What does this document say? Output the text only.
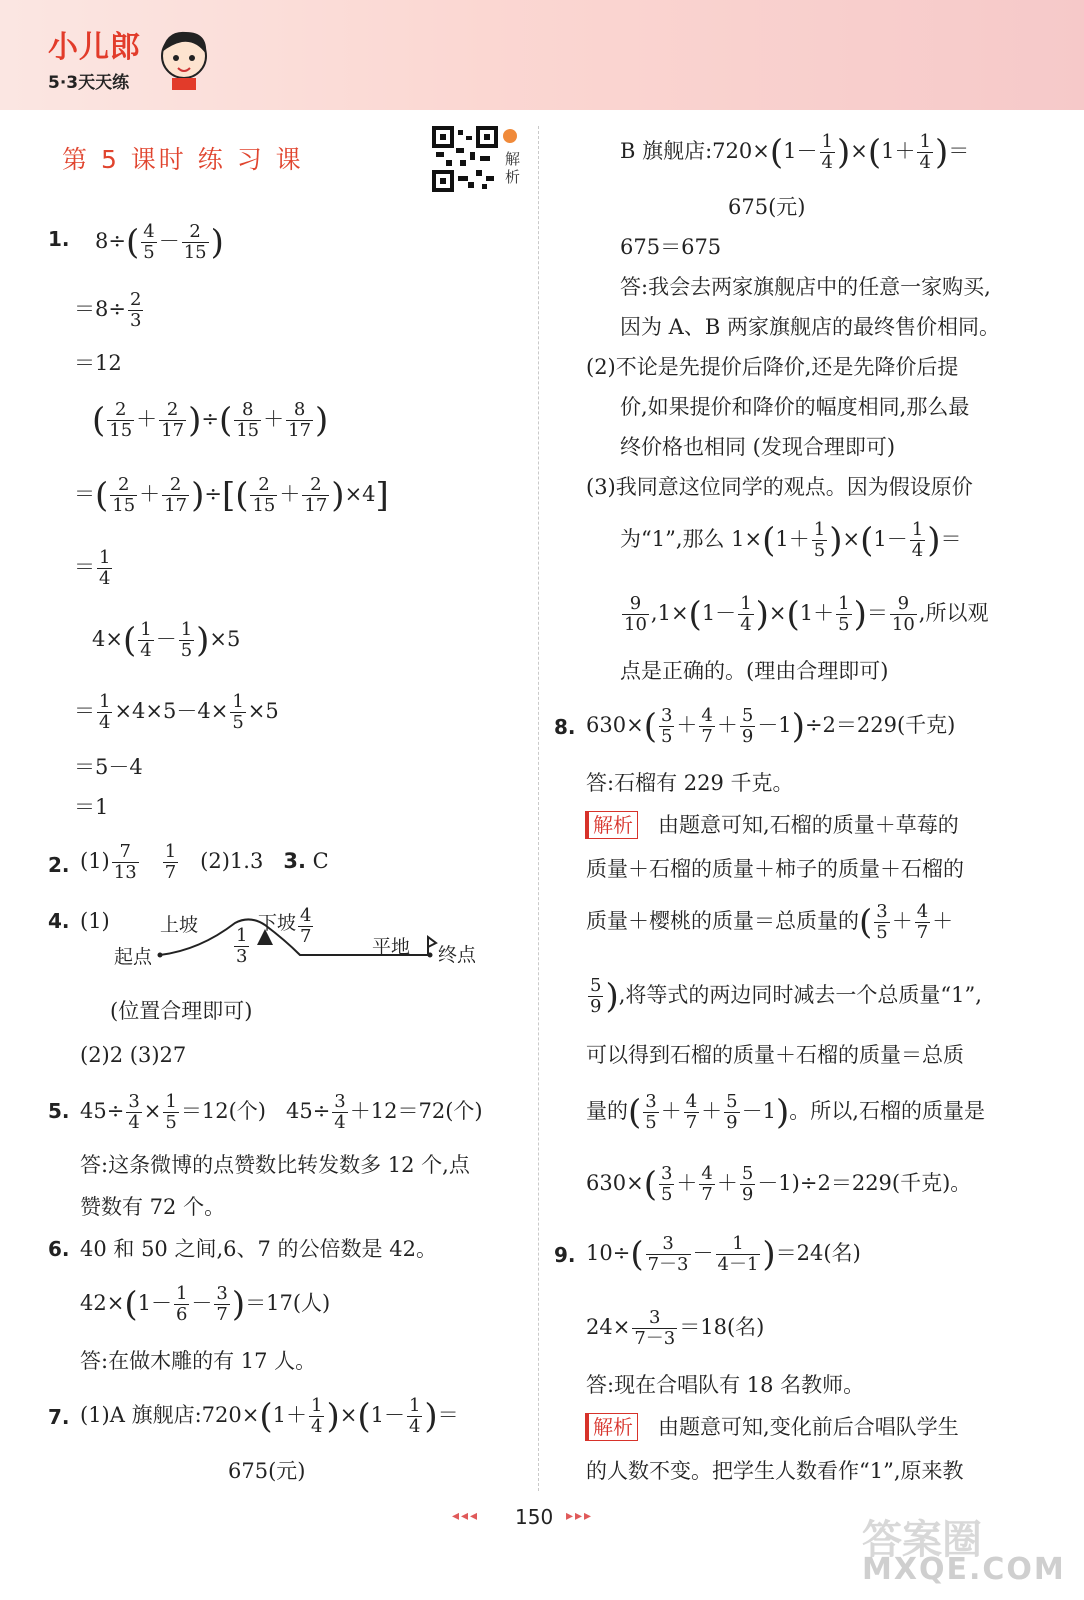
小儿郎
5·3天天练
第 5 课时 练 习 课	解析
1. $8\div( \frac{4}{5} - \frac{2}{15}$ )
$=8\div \frac{2}{3}$
＝12
( $\frac{2}{15} + \frac{2}{17}$ )÷( $\frac{8}{15} + \frac{8}{17}$ )
＝( $\frac{2}{15} + \frac{2}{17}$ )÷[( $\frac{2}{15} + \frac{2}{17} )\times 4$]
＝ $\frac{1}{4}$
$4\times( \frac{1}{4} - \frac{1}{5} )\times 5$
＝ $\frac{1}{4} \times 4\times 5-4\times \frac{1}{5} \times 5$
＝5－4
＝1
2. $(1) \frac{7}{13}$
$\frac{1}{7} (2)1.3$ 3. C
4. (1)	上坡	下坡 $\frac{4}{7}$
$\frac{1}{3}$	平地
起点	终点
(位置合理即可)
(2)2 (3)27
5. $45\div \frac{3}{4} \times \frac{1}{5} =12$(个)   $45\div \frac{3}{4} +12=72$(个)
答:这条微博的点赞数比转发数多 12 个,点
赞数有 72 个。
6. 40 和 50 之间,6、7 的公倍数是 42。
$42\times(1- \frac{1}{6} - \frac{3}{7} )=17$(人)
答:在做木雕的有 17 人。
7. (1)A 旗舰店:720×(1＋ $\frac{1}{4} )\times(1- \frac{1}{4}$ )＝
675(元)
B 旗舰店:720×(1－ $\frac{1}{4} )\times(1+ \frac{1}{4}$ )＝
675(元)
675＝675
答:我会去两家旗舰店中的任意一家购买,
因为 A、B 两家旗舰店的最终售价相同。
(2)不论是先提价后降价,还是先降价后提
价,如果提价和降价的幅度相同,那么最
终价格也相同 (发现合理即可)
(3)我同意这位同学的观点。因为假设原价
为“1”,那么 $1\times(1+ \frac{1}{5} )\times(1- \frac{1}{4}$ )＝
$\frac{9}{10} ,1\times(1- \frac{1}{4} )\times(1+ \frac{1}{5}$ )＝ $\frac{9}{10}$ ,所以观
点是正确的。(理由合理即可)
8. $630\times( \frac{3}{5} + \frac{4}{7} + \frac{5}{9} -1)\div 2=229$(千克)
答:石榴有 229 千克。
解析 由题意可知,石榴的质量＋草莓的
质量＋石榴的质量＋柿子的质量＋石榴的
质量＋樱桃的质量＝总质量的( $\frac{3}{5} + \frac{4}{7}$ ＋
$\frac{5}{9}$ ),将等式的两边同时减去一个总质量“1”,
可以得到石榴的质量＋石榴的质量＝总质
量的( $\frac{3}{5} + \frac{4}{7} + \frac{5}{9} -1$)。所以,石榴的质量是
$630\times( \frac{3}{5} + \frac{4}{7} + \frac{5}{9} -1)\div 2=229$(千克)。
9. $10\div( \frac{3}{7-3} - \frac{1}{4-1} )=24$(名)
$24\times \frac{3}{7-3} =18$(名)
答:现在合唱队有 18 名教师。
解析 由题意可知,变化前后合唱队学生
的人数不变。把学生人数看作“1”,原来教
◂◂◂ 150 ▸▸▸
答案圈
MXQE.COM
